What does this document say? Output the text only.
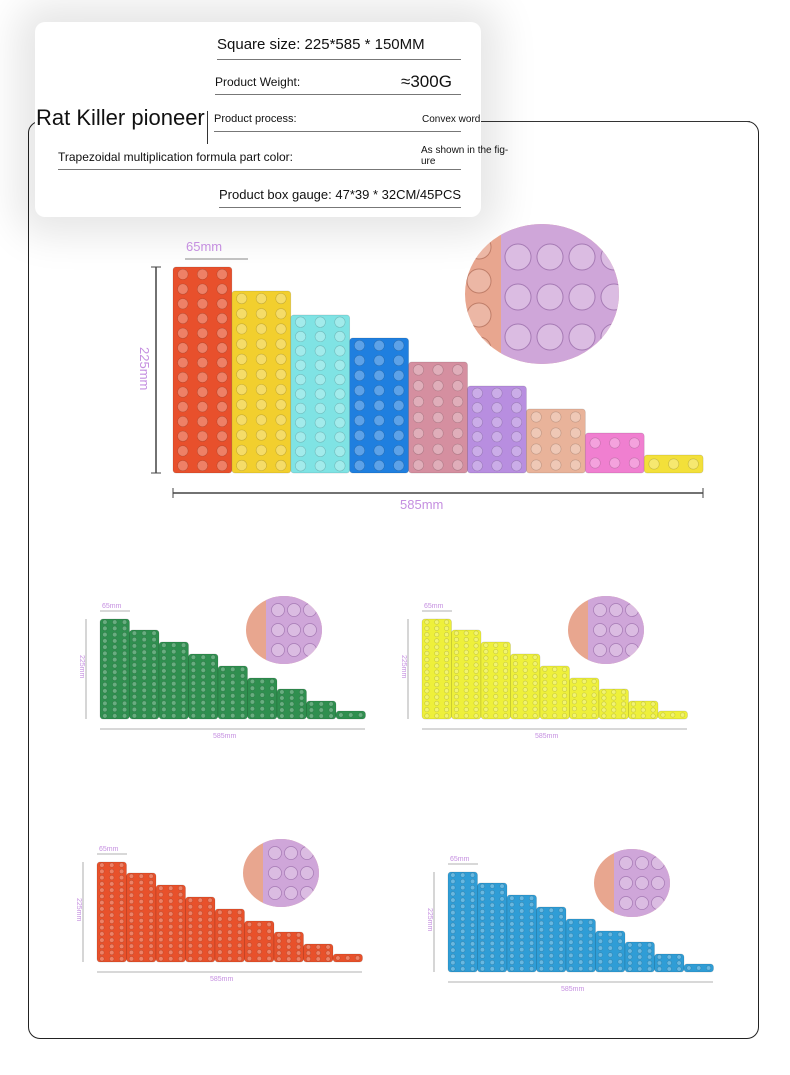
Square size: 225*585 * 150MM
Product Weight:	≈300G
Product process:	Convex word
Trapezoidal multiplication formula part color:	As shown in the fig-
ure
Product box gauge: 47*39 * 32CM/45PCS
Rat Killer pioneer
65mm
585mm
225mm
65mm
585mm
225mm
65mm
585mm
225mm
65mm
585mm
225mm
65mm
585mm
225mm
